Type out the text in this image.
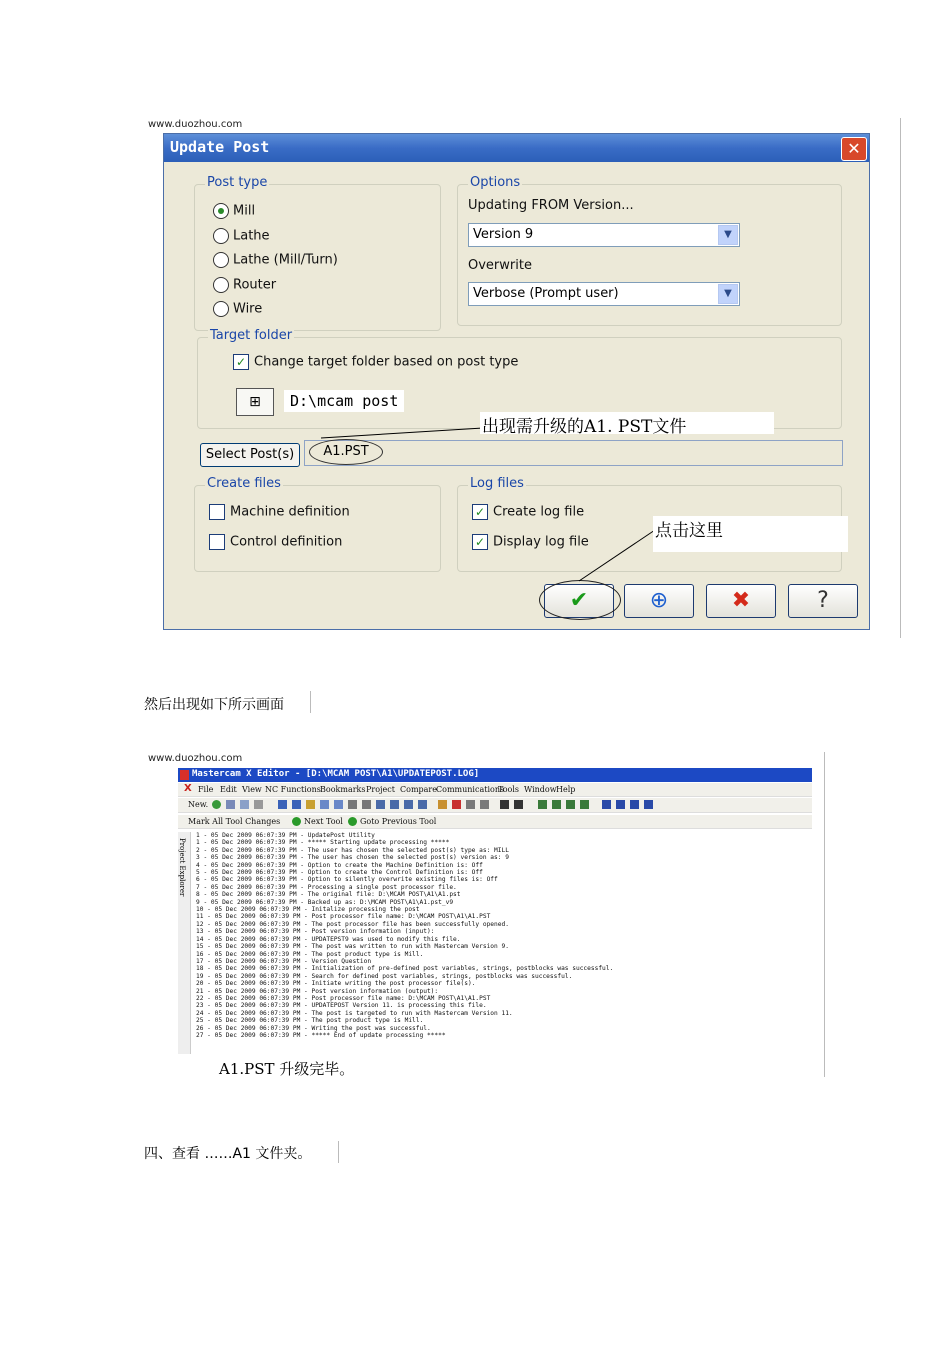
www.duozhou.com
Update Post	✕
Post type
Mill
Lathe
Lathe (Mill/Turn)
Router
Wire
Options
Updating FROM Version...
Version 9	▼
Overwrite
Verbose (Prompt user)	▼
Target folder
✓ Change target folder based on post type
⊞	D:\mcam post
Select Post(s)	A1.PST
Create files
Machine definition
Control definition
Log files
✓ Create log file
✓ Display log file
✔	⊕	✖	?
出现需升级的A1. PST文件
点击这里
然后出现如下所示画面
www.duozhou.com
Mastercam X Editor - [D:\MCAM POST\A1\UPDATEPOST.LOG]
X File Edit View NC Functions Bookmarks Project Compare Communications
Tools Window Help
New.
Mark All Tool Changes	Next Tool Goto Previous Tool
Project Explorer
1 - 05 Dec 2009 06:07:39 PM - UpdatePost Utility
1 - 05 Dec 2009 06:07:39 PM - ***** Starting update processing *****
2 - 05 Dec 2009 06:07:39 PM - The user has chosen the selected post(s) type as: MILL
3 - 05 Dec 2009 06:07:39 PM - The user has chosen the selected post(s) version as: 9
4 - 05 Dec 2009 06:07:39 PM - Option to create the Machine Definition is: Off
5 - 05 Dec 2009 06:07:39 PM - Option to create the Control Definition is: Off
6 - 05 Dec 2009 06:07:39 PM - Option to silently overwrite existing files is: Off
7 - 05 Dec 2009 06:07:39 PM - Processing a single post processor file.
8 - 05 Dec 2009 06:07:39 PM - The original file: D:\MCAM POST\A1\A1.pst
9 - 05 Dec 2009 06:07:39 PM - Backed up as: D:\MCAM POST\A1\A1.pst_v9
10 - 05 Dec 2009 06:07:39 PM - Initalize processing the post
11 - 05 Dec 2009 06:07:39 PM - Post processor file name: D:\MCAM POST\A1\A1.PST
12 - 05 Dec 2009 06:07:39 PM - The post processor file has been successfully opened.
13 - 05 Dec 2009 06:07:39 PM - Post version information (input):
14 - 05 Dec 2009 06:07:39 PM - UPDATEPST9 was used to modify this file.
15 - 05 Dec 2009 06:07:39 PM - The post was written to run with Mastercam Version 9.
16 - 05 Dec 2009 06:07:39 PM - The post product type is Mill.
17 - 05 Dec 2009 06:07:39 PM - Version Question
18 - 05 Dec 2009 06:07:39 PM - Initialization of pre-defined post variables, strings, postblocks was successful.
19 - 05 Dec 2009 06:07:39 PM - Search for defined post variables, strings, postblocks was successful.
20 - 05 Dec 2009 06:07:39 PM - Initiate writing the post processor file(s).
21 - 05 Dec 2009 06:07:39 PM - Post version information (output):
22 - 05 Dec 2009 06:07:39 PM - Post processor file name: D:\MCAM POST\A1\A1.PST
23 - 05 Dec 2009 06:07:39 PM - UPDATEPOST Version 11. is processing this file.
24 - 05 Dec 2009 06:07:39 PM - The post is targeted to run with Mastercam Version 11.
25 - 05 Dec 2009 06:07:39 PM - The post product type is Mill.
26 - 05 Dec 2009 06:07:39 PM - Writing the post was successful.
27 - 05 Dec 2009 06:07:39 PM - ***** End of update processing *****
A1.PST 升级完毕。
四、查看 ……A1 文件夹。
